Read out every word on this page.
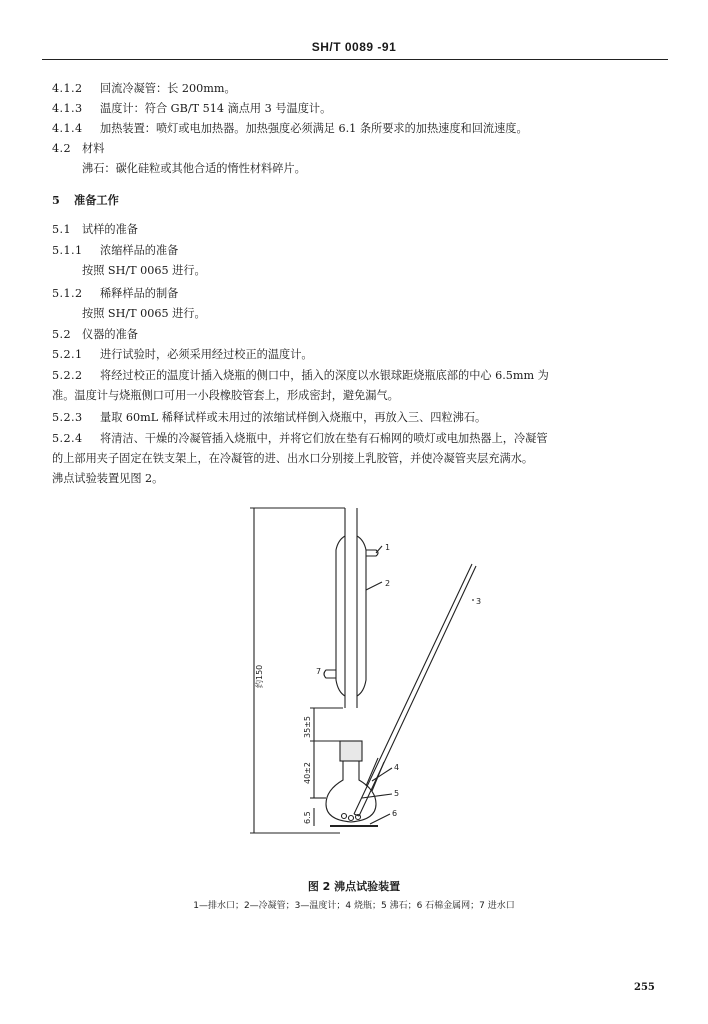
SH/T 0089 -91
4.1.2 回流冷凝管：长 200mm。
4.1.3 温度计：符合 GB/T 514 滴点用 3 号温度计。
4.1.4 加热装置：喷灯或电加热器。加热强度必须满足 6.1 条所要求的加热速度和回流速度。
4.2 材料
沸石：碳化硅粒或其他合适的惰性材料碎片。
5 准备工作
5.1 试样的准备
5.1.1 浓缩样品的准备
按照 SH/T 0065 进行。
5.1.2 稀释样品的制备
按照 SH/T 0065 进行。
5.2 仪器的准备
5.2.1 进行试验时，必须采用经过校正的温度计。
5.2.2 将经过校正的温度计插入烧瓶的侧口中，插入的深度以水银球距烧瓶底部的中心 6.5mm 为
准。温度计与烧瓶侧口可用一小段橡胶管套上，形成密封，避免漏气。
5.2.3 量取 60mL 稀释试样或未用过的浓缩试样倒入烧瓶中，再放入三、四粒沸石。
5.2.4 将清洁、干燥的冷凝管插入烧瓶中，并将它们放在垫有石棉网的喷灯或电加热器上，冷凝管
的上部用夹子固定在铁支架上，在冷凝管的进、出水口分别接上乳胶管，并使冷凝管夹层充满水。
沸点试验装置见图 2。
1
2
3
4
5
6
7
约150
35±5
40±2
6.5
图 2 沸点试验装置
1—排水口；2—冷凝管；3—温度计；4 烧瓶；5 沸石；6 石棉金属网；7 进水口
255
